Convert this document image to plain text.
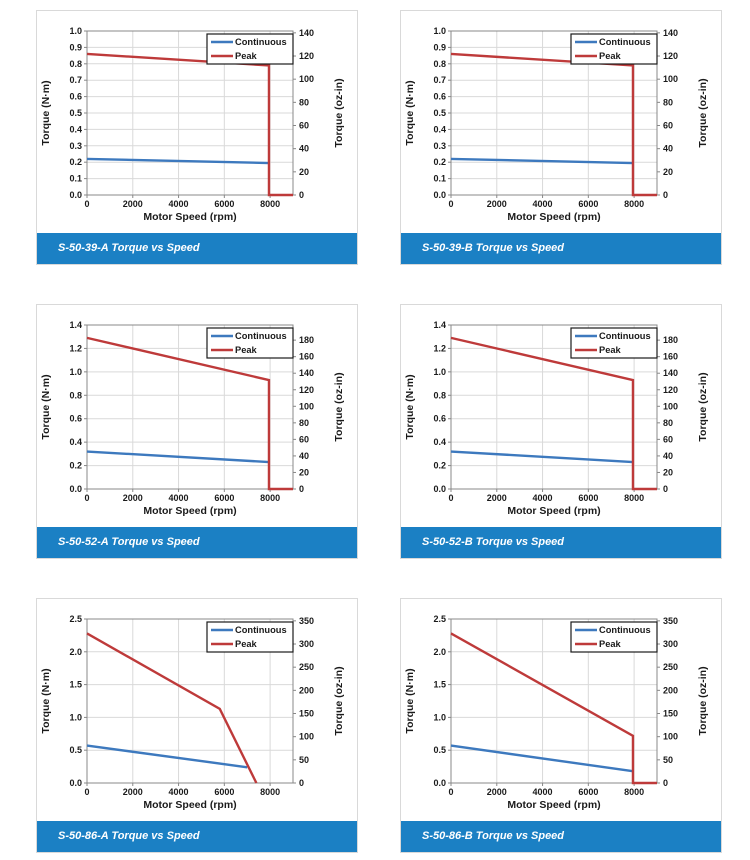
0.0
0.1
0.2
0.3
0.4
0.5
0.6
0.7
0.8
0.9
1.0
0
20
40
60
80
100
120
140
0	2000	4000	6000	8000
Continuous
Peak
Motor Speed (rpm)
Torque (N·m)	Torque (oz-in)
S-50-39-A Torque vs Speed
0.0
0.1
0.2
0.3
0.4
0.5
0.6
0.7
0.8
0.9
1.0
0
20
40
60
80
100
120
140
0	2000	4000	6000	8000
Continuous
Peak
Motor Speed (rpm)
Torque (N·m)	Torque (oz-in)
S-50-39-B Torque vs Speed
0.0
0.2
0.4
0.6
0.8
1.0
1.2
1.4
0
20
40
60
80
100
120
140
160
180
0	2000	4000	6000	8000
Continuous
Peak
Motor Speed (rpm)
Torque (N·m)	Torque (oz-in)
S-50-52-A Torque vs Speed
0.0
0.2
0.4
0.6
0.8
1.0
1.2
1.4
0
20
40
60
80
100
120
140
160
180
0	2000	4000	6000	8000
Continuous
Peak
Motor Speed (rpm)
Torque (N·m)	Torque (oz-in)
S-50-52-B Torque vs Speed
0.0
0.5
1.0
1.5
2.0
2.5
0
50
100
150
200
250
300
350
0	2000	4000	6000	8000
Continuous
Peak
Motor Speed (rpm)
Torque (N·m)	Torque (oz-in)
S-50-86-A Torque vs Speed
0.0
0.5
1.0
1.5
2.0
2.5
0
50
100
150
200
250
300
350
0	2000	4000	6000	8000
Continuous
Peak
Motor Speed (rpm)
Torque (N·m)	Torque (oz-in)
S-50-86-B Torque vs Speed
